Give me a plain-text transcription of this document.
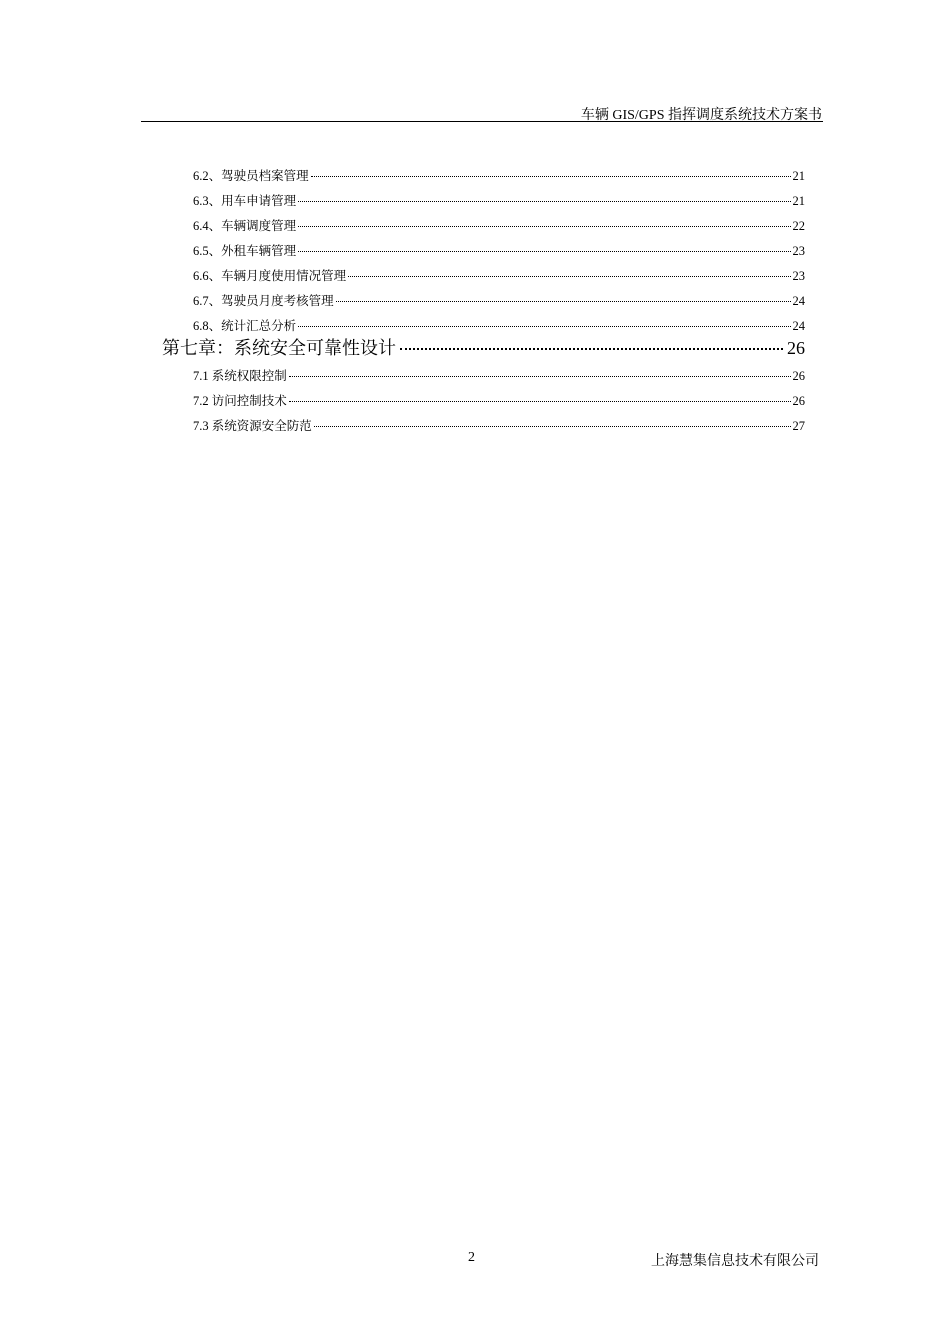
车辆 GIS/GPS 指挥调度系统技术方案书
6.2、驾驶员档案管理	21
6.3、用车申请管理	21
6.4、车辆调度管理	22
6.5、外租车辆管理	23
6.6、车辆月度使用情况管理	23
6.7、驾驶员月度考核管理	24
6.8、统计汇总分析	24
第七章：系统安全可靠性设计	26
7.1 系统权限控制	26
7.2 访问控制技术	26
7.3 系统资源安全防范	27
2	上海慧集信息技术有限公司
